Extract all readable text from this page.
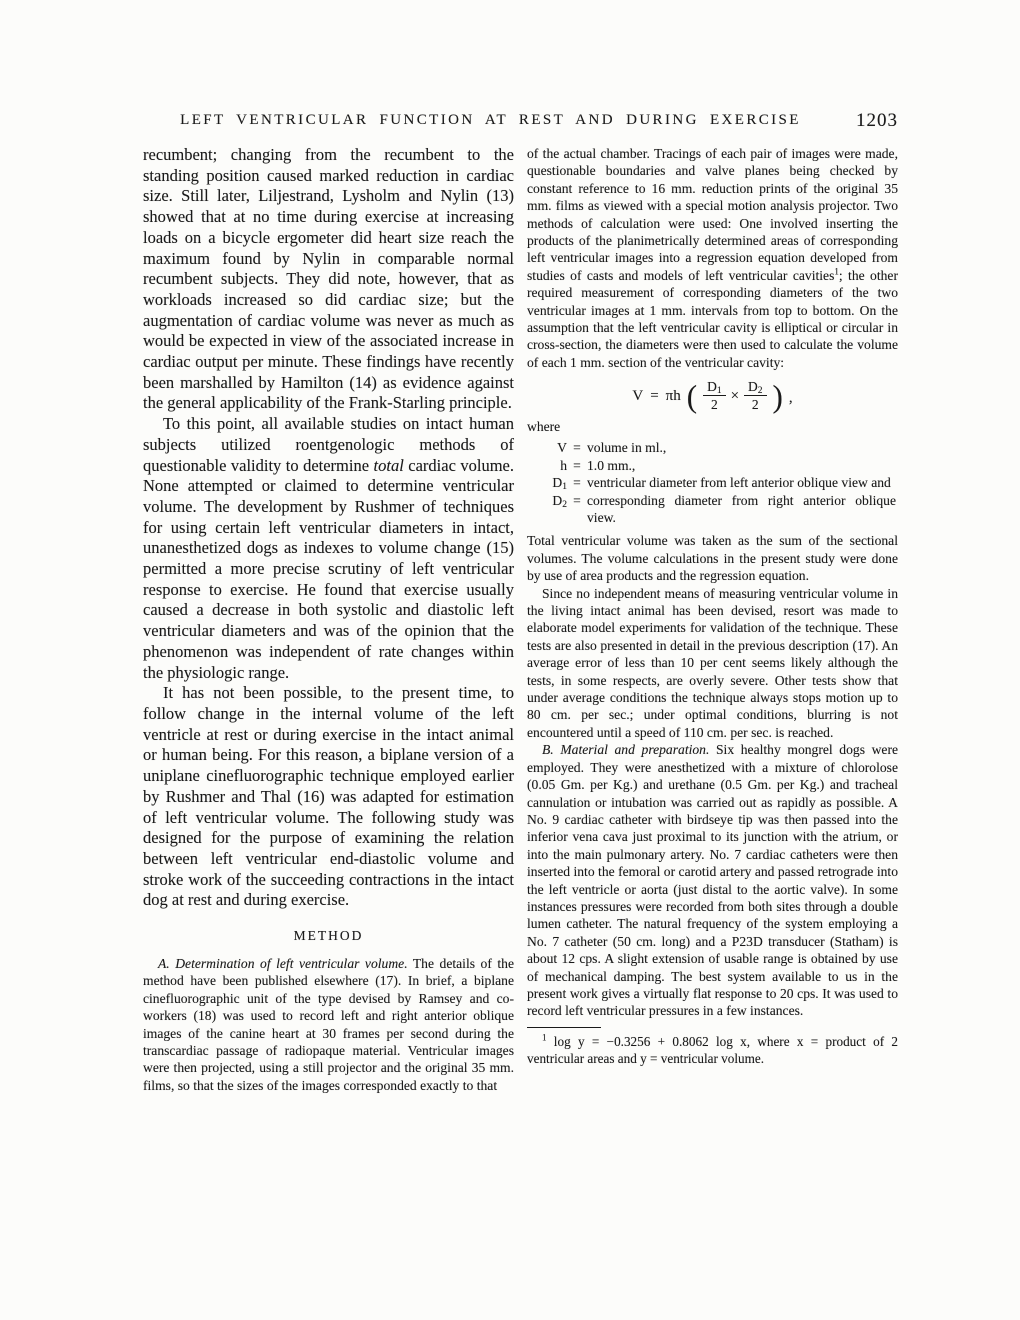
LEFT VENTRICULAR FUNCTION AT REST AND DURING EXERCISE	1203

recumbent; changing from the recumbent to the standing position caused marked reduction in cardiac size. Still later, Liljestrand, Lysholm and Nylin (13) showed that at no time during exercise at increasing loads on a bicycle ergometer did heart size reach the maximum found by Nylin in comparable normal recumbent subjects. They did note, however, that as workloads increased so did cardiac size; but the augmentation of cardiac volume was never as much as would be expected in view of the associated increase in cardiac output per minute. These findings have recently been marshalled by Hamilton (14) as evidence against the general applicability of the Frank-Starling principle.

To this point, all available studies on intact human subjects utilized roentgenologic methods of questionable validity to determine total cardiac volume. None attempted or claimed to determine ventricular volume. The development by Rushmer of techniques for using certain left ventricular diameters in intact, unanesthetized dogs as indexes to volume change (15) permitted a more precise scrutiny of left ventricular response to exercise. He found that exercise usually caused a decrease in both systolic and diastolic left ventricular diameters and was of the opinion that the phenomenon was independent of rate changes within the physiologic range.

It has not been possible, to the present time, to follow change in the internal volume of the left ventricle at rest or during exercise in the intact animal or human being. For this reason, a biplane version of a uniplane cinefluorographic technique employed earlier by Rushmer and Thal (16) was adapted for estimation of left ventricular volume. The following study was designed for the purpose of examining the relation between left ventricular end-diastolic volume and stroke work of the succeeding contractions in the intact dog at rest and during exercise.

METHOD

A. Determination of left ventricular volume. The details of the method have been published elsewhere (17). In brief, a biplane cinefluorographic unit of the type devised by Ramsey and co-workers (18) was used to record left and right anterior oblique images of the canine heart at 30 frames per second during the transcardiac passage of radiopaque material. Ventricular images were then projected, using a still projector and the original 35 mm. films, so that the sizes of the images corresponded exactly to that

of the actual chamber. Tracings of each pair of images were made, questionable boundaries and valve planes being checked by constant reference to 16 mm. reduction prints of the original 35 mm. films as viewed with a special motion analysis projector. Two methods of calculation were used: One involved inserting the products of the planimetrically determined areas of corresponding left ventricular images into a regression equation developed from studies of casts and models of left ventricular cavities$^1$; the other required measurement of corresponding diameters of the two ventricular images at 1 mm. intervals from top to bottom. On the assumption that the left ventricular cavity is elliptical or circular in cross-section, the diameters were then used to calculate the volume of each 1 mm. section of the ventricular cavity:

V = πh ( $\frac{D_1}{2} \times \frac{D_2}{2}$ ) ,

where

V = volume in ml.,
h = 1.0 mm.,
$D_1$ = ventricular diameter from left anterior oblique view and
$D_2$ = corresponding diameter from right anterior oblique view.

Total ventricular volume was taken as the sum of the sectional volumes. The volume calculations in the present study were done by use of area products and the regression equation.

Since no independent means of measuring ventricular volume in the living intact animal has been devised, resort was made to elaborate model experiments for validation of the technique. These tests are also presented in detail in the previous description (17). An average error of less than 10 per cent seems likely although the tests, in some respects, are overly severe. Other tests show that under average conditions the technique always stops motion up to 80 cm. per sec.; under optimal conditions, blurring is not encountered until a speed of 110 cm. per sec. is reached.

B. Material and preparation. Six healthy mongrel dogs were employed. They were anesthetized with a mixture of chlorolose (0.05 Gm. per Kg.) and urethane (0.5 Gm. per Kg.) and tracheal cannulation or intubation was carried out as rapidly as possible. A No. 9 cardiac catheter with birdseye tip was then passed into the inferior vena cava just proximal to its junction with the atrium, or into the main pulmonary artery. No. 7 cardiac catheters were then inserted into the femoral or carotid artery and passed retrograde into the left ventricle or aorta (just distal to the aortic valve). In some instances pressures were recorded from both sites through a double lumen catheter. The natural frequency of the system employing a No. 7 catheter (50 cm. long) and a P23D transducer (Statham) is about 12 cps. A slight extension of usable range is obtained by use of mechanical damping. The best system available to us in the present work gives a virtually flat response to 20 cps. It was used to record left ventricular pressures in a few instances.

$^1$ log y = −0.3256 + 0.8062 log x, where x = product of 2 ventricular areas and y = ventricular volume.
